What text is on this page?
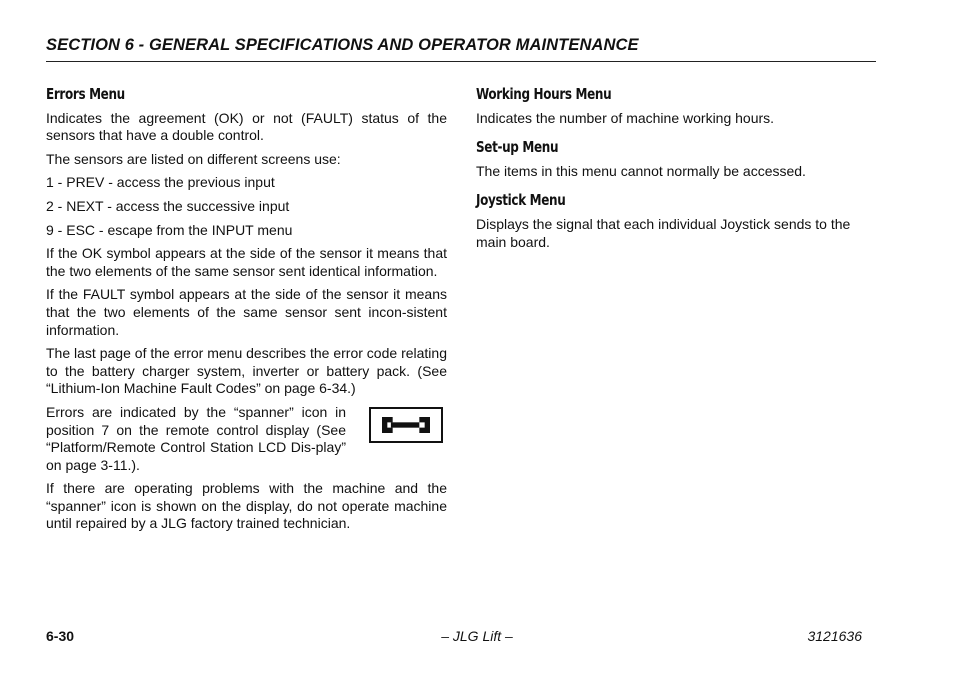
SECTION 6 - GENERAL SPECIFICATIONS AND OPERATOR MAINTENANCE
Errors Menu

Indicates the agreement (OK) or not (FAULT) status of the sensors that have a double control.

The sensors are listed on different screens use:

1 - PREV - access the previous input

2 - NEXT - access the successive input

9 - ESC - escape from the INPUT menu

If the OK symbol appears at the side of the sensor it means that the two elements of the same sensor sent identical information.

If the FAULT symbol appears at the side of the sensor it means that the two elements of the same sensor sent incon-sistent information.

The last page of the error menu describes the error code relating to the battery charger system, inverter or battery pack. (See “Lithium-Ion Machine Fault Codes” on page 6-34.)

Errors are indicated by the “spanner” icon in position 7 on the remote control display (See “Platform/Remote Control Station LCD Dis-play” on page 3-11.).

If there are operating problems with the machine and the “spanner” icon is shown on the display, do not operate machine until repaired by a JLG factory trained technician.

Working Hours Menu

Indicates the number of machine working hours.

Set-up Menu

The items in this menu cannot normally be accessed.

Joystick Menu

Displays the signal that each individual Joystick sends to the main board.

6-30	– JLG Lift –	3121636
